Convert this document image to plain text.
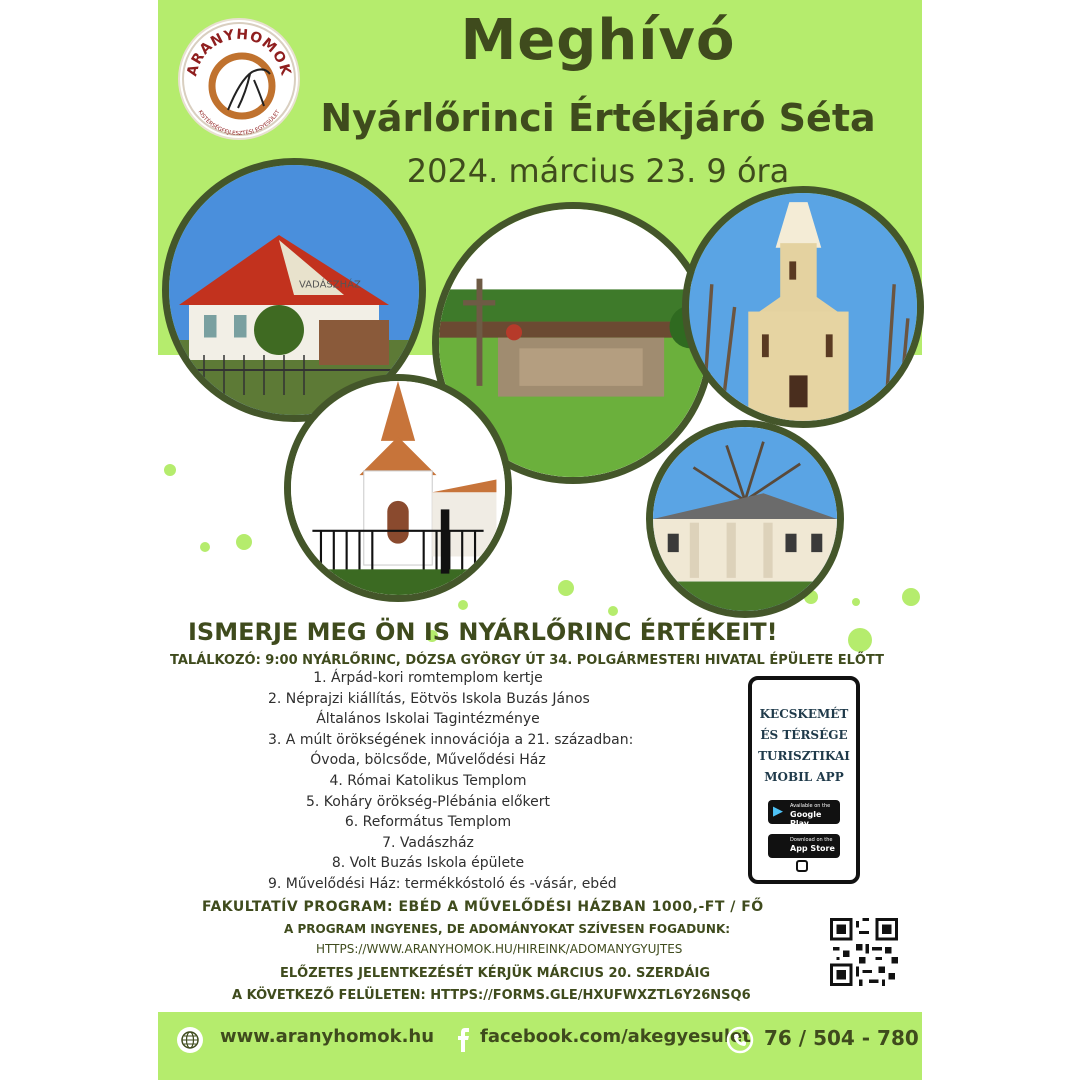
ARANYHOMOK
KISTÉRSÉGFEJLESZTÉSI EGYESÜLET
Meghívó
Nyárlőrinci Értékjáró Séta
2024. március 23. 9 óra
VADÁSZHÁZ
ISMERJE MEG ÖN IS NYÁRLŐRINC ÉRTÉKEIT!
TALÁLKOZÓ: 9:00 NYÁRLŐRINC, DÓZSA GYÖRGY ÚT 34. POLGÁRMESTERI HIVATAL ÉPÜLETE ELŐTT
1. Árpád-kori romtemplom kertje
2. Néprajzi kiállítás, Eötvös Iskola Buzás János
Általános Iskolai Tagintézménye
3. A múlt örökségének innovációja a 21. században:
Óvoda, bölcsőde, Művelődési Ház
4. Római Katolikus Templom
5. Koháry örökség-Plébánia előkert
6. Református Templom
7. Vadászház
8. Volt Buzás Iskola épülete
9. Művelődési Ház: termékkóstoló és -vásár, ebéd
KECSKEMÉT
ÉS TÉRSÉGE
TURISZTIKAI
MOBIL APP
▶ Available on the
Google Play
Download on the
App Store
FAKULTATÍV PROGRAM: EBÉD A MŰVELŐDÉSI HÁZBAN 1000,-FT / FŐ
A PROGRAM INGYENES, DE ADOMÁNYOKAT SZÍVESEN FOGADUNK:
HTTPS://WWW.ARANYHOMOK.HU/HIREINK/ADOMANYGYUJTES
ELŐZETES JELENTKEZÉSÉT KÉRJÜK MÁRCIUS 20. SZERDÁIG
A KÖVETKEZŐ FELÜLETEN: HTTPS://FORMS.GLE/HXUFWXZTL6Y26NSQ6
www.aranyhomok.hu	facebook.com/akegyesulet 76 / 504 - 780
